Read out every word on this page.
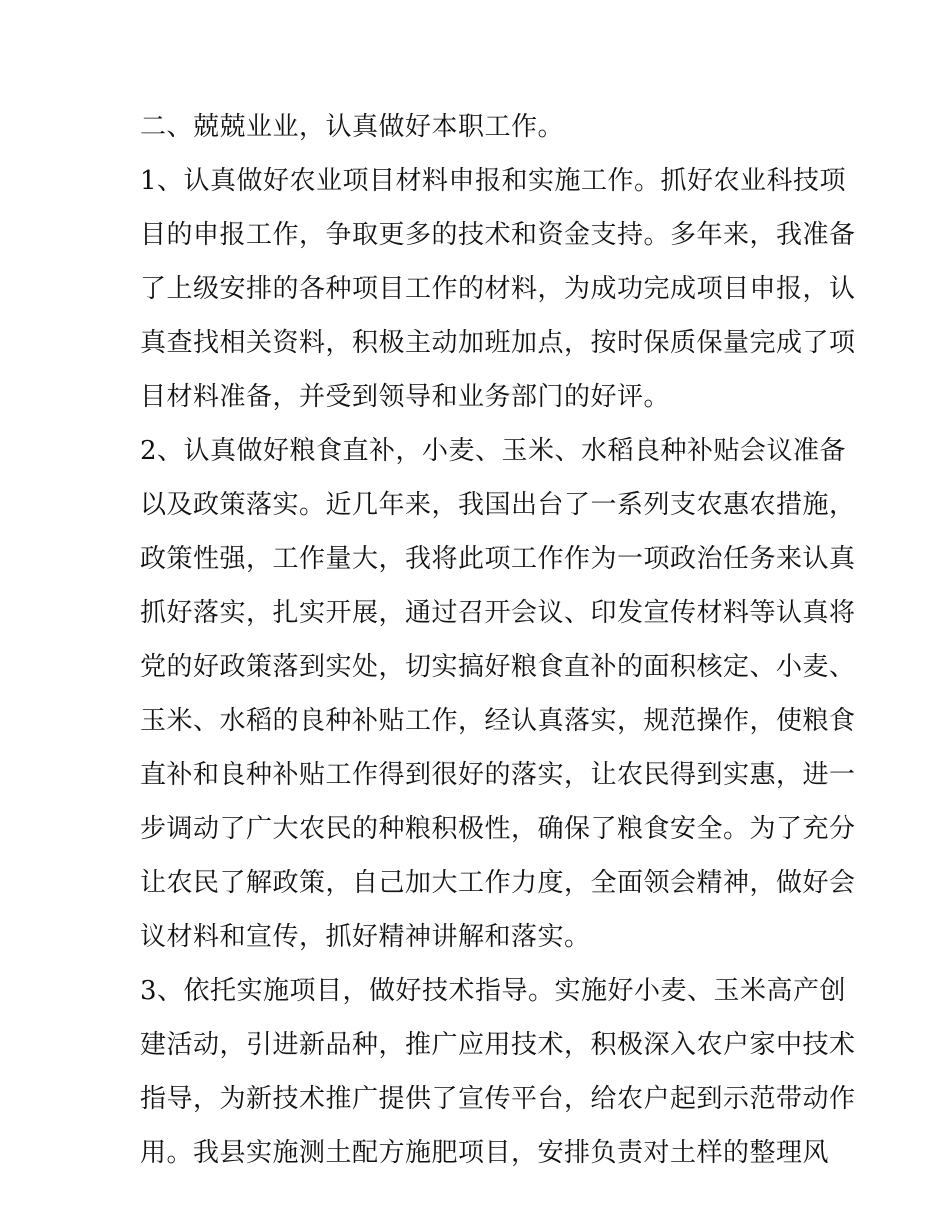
二、兢兢业业，认真做好本职工作。
1、认真做好农业项目材料申报和实施工作。抓好农业科技项
目的申报工作，争取更多的技术和资金支持。多年来，我准备
了上级安排的各种项目工作的材料，为成功完成项目申报，认
真查找相关资料，积极主动加班加点，按时保质保量完成了项
目材料准备，并受到领导和业务部门的好评。
2、认真做好粮食直补，小麦、玉米、水稻良种补贴会议准备
以及政策落实。近几年来，我国出台了一系列支农惠农措施，
政策性强，工作量大，我将此项工作作为一项政治任务来认真
抓好落实，扎实开展，通过召开会议、印发宣传材料等认真将
党的好政策落到实处，切实搞好粮食直补的面积核定、小麦、
玉米、水稻的良种补贴工作，经认真落实，规范操作，使粮食
直补和良种补贴工作得到很好的落实，让农民得到实惠，进一
步调动了广大农民的种粮积极性，确保了粮食安全。为了充分
让农民了解政策，自己加大工作力度，全面领会精神，做好会
议材料和宣传，抓好精神讲解和落实。
3、依托实施项目，做好技术指导。实施好小麦、玉米高产创
建活动，引进新品种，推广应用技术，积极深入农户家中技术
指导，为新技术推广提供了宣传平台，给农户起到示范带动作
用。我县实施测土配方施肥项目，安排负责对土样的整理风
